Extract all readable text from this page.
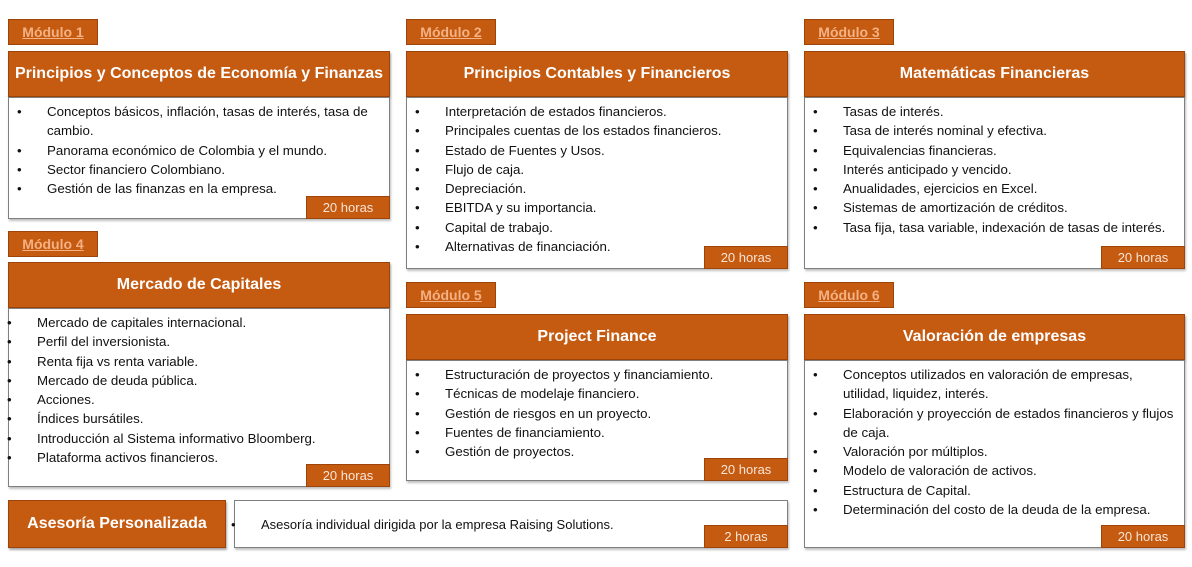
Módulo 1
Principios y Conceptos de Economía y Finanzas
• Conceptos básicos, inflación, tasas de interés, tasa de cambio.
• Panorama económico de Colombia y el mundo.
• Sector financiero Colombiano.
• Gestión de las finanzas en la empresa.
20 horas
Módulo 2
Principios Contables y Financieros
• Interpretación de estados financieros.
• Principales cuentas de los estados financieros.
• Estado de Fuentes y Usos.
• Flujo de caja.
• Depreciación.
• EBITDA y su importancia.
• Capital de trabajo.
• Alternativas de financiación.
20 horas
Módulo 3
Matemáticas Financieras
• Tasas de interés.
• Tasa de interés nominal y efectiva.
• Equivalencias financieras.
• Interés anticipado y vencido.
• Anualidades, ejercicios en Excel.
• Sistemas de amortización de créditos.
• Tasa fija, tasa variable, indexación de tasas de interés.
20 horas
Módulo 4
Mercado de Capitales
• Mercado de capitales internacional.
• Perfil del inversionista.
• Renta fija vs renta variable.
• Mercado de deuda pública.
• Acciones.
• Índices bursátiles.
• Introducción al Sistema informativo Bloomberg.
• Plataforma activos financieros.
20 horas
Módulo 5
Project Finance
• Estructuración de proyectos y financiamiento.
• Técnicas de modelaje financiero.
• Gestión de riesgos en un proyecto.
• Fuentes de financiamiento.
• Gestión de proyectos.
20 horas
Módulo 6
Valoración de empresas
• Conceptos utilizados en valoración de empresas, utilidad, liquidez, interés.
• Elaboración y proyección de estados financieros y flujos de caja.
• Valoración por múltiplos.
• Modelo de valoración de activos.
• Estructura de Capital.
• Determinación del costo de la deuda de la empresa.
20 horas
Asesoría Personalizada
•	Asesoría individual dirigida por la empresa Raising Solutions.
2 horas
